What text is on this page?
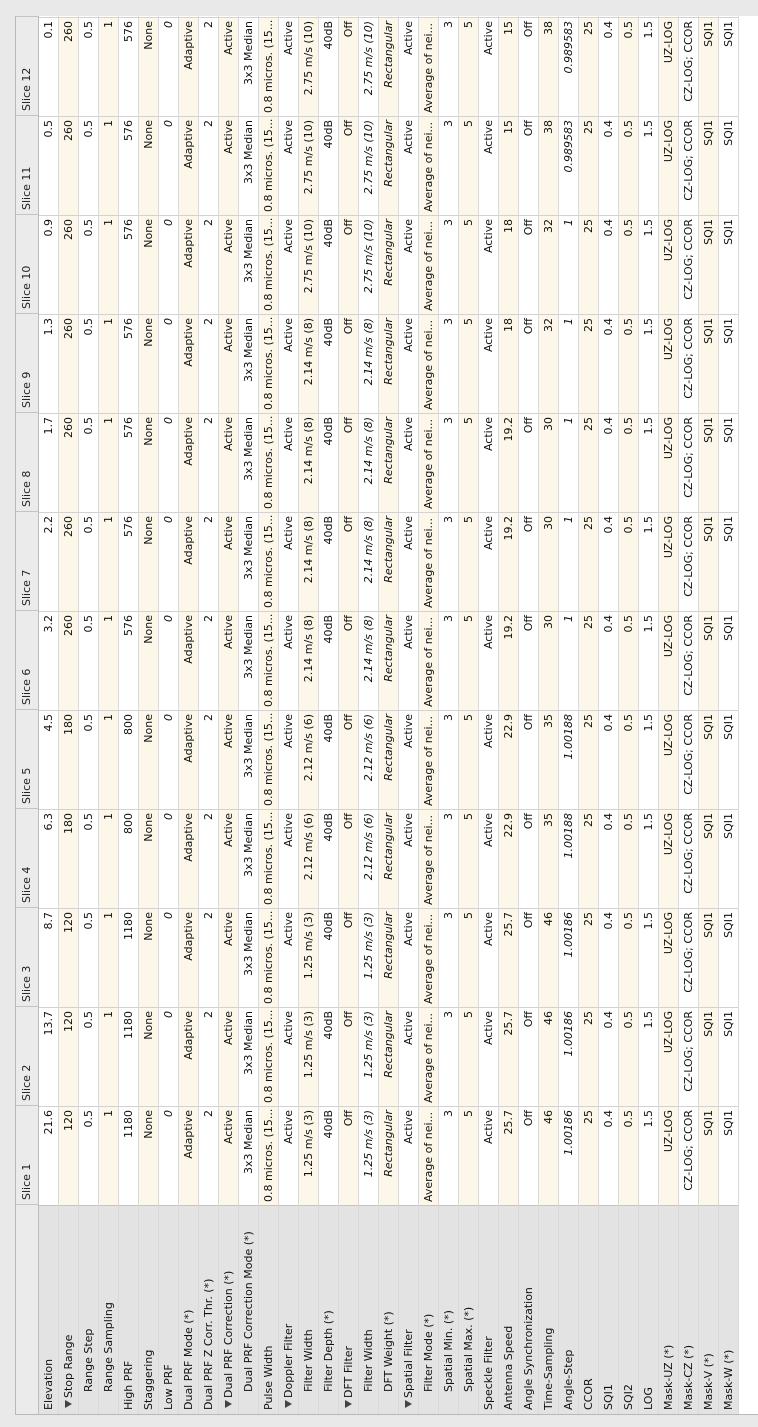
Slice 1
Slice 2
Slice 3
Slice 4
Slice 5
Slice 6
Slice 7
Slice 8
Slice 9
Slice 10
Slice 11
Slice 12
Elevation
21.6
13.7
8.7
6.3
4.5
3.2
2.2
1.7
1.3
0.9
0.5
0.1
Stop Range
120
120
120
180
180
260
260
260
260
260
260
260
Range Step
0.5
0.5
0.5
0.5
0.5
0.5
0.5
0.5
0.5
0.5
0.5
0.5
Range Sampling
1
1
1
1
1
1
1
1
1
1
1
1
High PRF
1180
1180
1180
800
800
576
576
576
576
576
576
576
Staggering
None
None
None
None
None
None
None
None
None
None
None
None
Low PRF
0
0
0
0
0
0
0
0
0
0
0
0
Dual PRF Mode (*)
Adaptive
Adaptive
Adaptive
Adaptive
Adaptive
Adaptive
Adaptive
Adaptive
Adaptive
Adaptive
Adaptive
Adaptive
Dual PRF Z Corr. Thr. (*)
2
2
2
2
2
2
2
2
2
2
2
2
Dual PRF Correction (*)
Active
Active
Active
Active
Active
Active
Active
Active
Active
Active
Active
Active
Dual PRF Correction Mode (*)
3x3 Median
3x3 Median
3x3 Median
3x3 Median
3x3 Median
3x3 Median
3x3 Median
3x3 Median
3x3 Median
3x3 Median
3x3 Median
3x3 Median
Pulse Width
0.8 micros. (15...
0.8 micros. (15...
0.8 micros. (15...
0.8 micros. (15...
0.8 micros. (15...
0.8 micros. (15...
0.8 micros. (15...
0.8 micros. (15...
0.8 micros. (15...
0.8 micros. (15...
0.8 micros. (15...
0.8 micros. (15...
Doppler Filter
Active
Active
Active
Active
Active
Active
Active
Active
Active
Active
Active
Active
Filter Width
1.25 m/s (3)
1.25 m/s (3)
1.25 m/s (3)
2.12 m/s (6)
2.12 m/s (6)
2.14 m/s (8)
2.14 m/s (8)
2.14 m/s (8)
2.14 m/s (8)
2.75 m/s (10)
2.75 m/s (10)
2.75 m/s (10)
Filter Depth (*)
40dB
40dB
40dB
40dB
40dB
40dB
40dB
40dB
40dB
40dB
40dB
40dB
DFT Filter
Off
Off
Off
Off
Off
Off
Off
Off
Off
Off
Off
Off
Filter Width
1.25 m/s (3)
1.25 m/s (3)
1.25 m/s (3)
2.12 m/s (6)
2.12 m/s (6)
2.14 m/s (8)
2.14 m/s (8)
2.14 m/s (8)
2.14 m/s (8)
2.75 m/s (10)
2.75 m/s (10)
2.75 m/s (10)
DFT Weight (*)
Rectangular
Rectangular
Rectangular
Rectangular
Rectangular
Rectangular
Rectangular
Rectangular
Rectangular
Rectangular
Rectangular
Rectangular
Spatial Filter
Active
Active
Active
Active
Active
Active
Active
Active
Active
Active
Active
Active
Filter Mode (*)
Average of nei...
Average of nei...
Average of nei...
Average of nei...
Average of nei...
Average of nei...
Average of nei...
Average of nei...
Average of nei...
Average of nei...
Average of nei...
Average of nei...
Spatial Min. (*)
3
3
3
3
3
3
3
3
3
3
3
3
Spatial Max. (*)
5
5
5
5
5
5
5
5
5
5
5
5
Speckle Filter
Active
Active
Active
Active
Active
Active
Active
Active
Active
Active
Active
Active
Antenna Speed
25.7
25.7
25.7
22.9
22.9
19.2
19.2
19.2
18
18
15
15
Angle Synchronization
Off
Off
Off
Off
Off
Off
Off
Off
Off
Off
Off
Off
Time-Sampling
46
46
46
35
35
30
30
30
32
32
38
38
Angle-Step
1.00186
1.00186
1.00186
1.00188
1.00188
1
1
1
1
1
0.989583
0.989583
CCOR
25
25
25
25
25
25
25
25
25
25
25
25
SQI1
0.4
0.4
0.4
0.4
0.4
0.4
0.4
0.4
0.4
0.4
0.4
0.4
SQI2
0.5
0.5
0.5
0.5
0.5
0.5
0.5
0.5
0.5
0.5
0.5
0.5
LOG
1.5
1.5
1.5
1.5
1.5
1.5
1.5
1.5
1.5
1.5
1.5
1.5
Mask-UZ (*)
UZ-LOG
UZ-LOG
UZ-LOG
UZ-LOG
UZ-LOG
UZ-LOG
UZ-LOG
UZ-LOG
UZ-LOG
UZ-LOG
UZ-LOG
UZ-LOG
Mask-CZ (*)
CZ-LOG; CCOR
CZ-LOG; CCOR
CZ-LOG; CCOR
CZ-LOG; CCOR
CZ-LOG; CCOR
CZ-LOG; CCOR
CZ-LOG; CCOR
CZ-LOG; CCOR
CZ-LOG; CCOR
CZ-LOG; CCOR
CZ-LOG; CCOR
CZ-LOG; CCOR
Mask-V (*)
SQI1
SQI1
SQI1
SQI1
SQI1
SQI1
SQI1
SQI1
SQI1
SQI1
SQI1
SQI1
Mask-W (*)
SQI1
SQI1
SQI1
SQI1
SQI1
SQI1
SQI1
SQI1
SQI1
SQI1
SQI1
SQI1
